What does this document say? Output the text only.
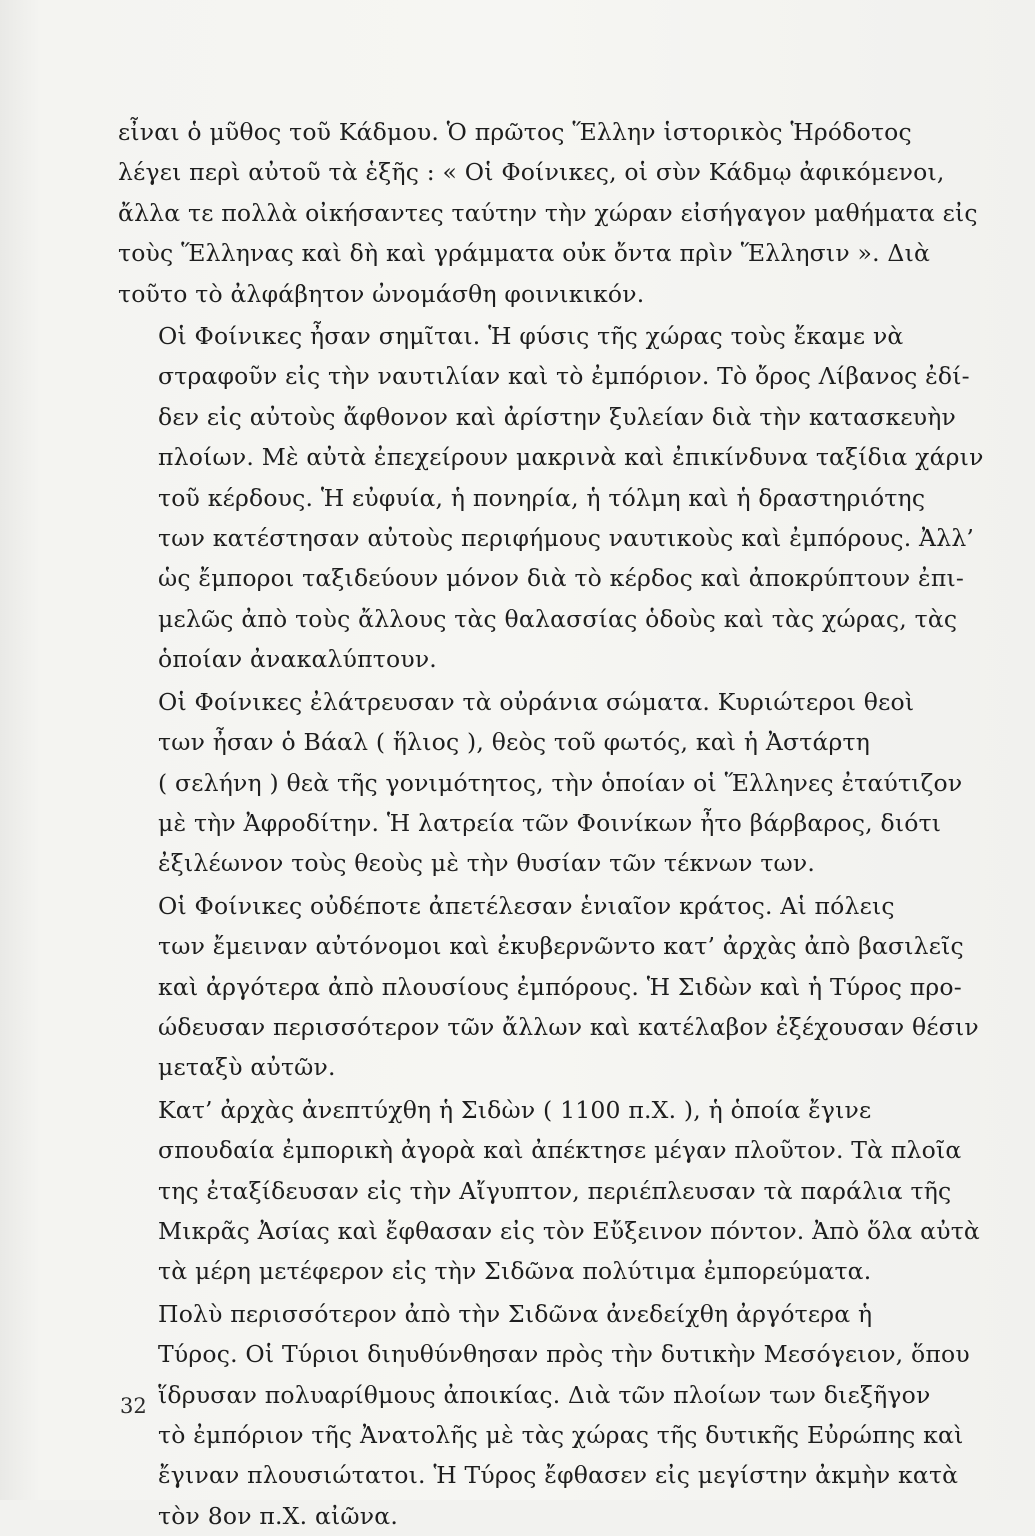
εἶναι ὁ μῦθος τοῦ Κάδμου. Ὁ πρῶτος Ἕλλην ἱστορικὸς Ἡρόδοτος
λέγει περὶ αὐτοῦ τὰ ἑξῆς : « Οἱ Φοίνικες, οἱ σὺν Κάδμῳ ἀφικόμενοι,
ἄλλα τε πολλὰ οἰκήσαντες ταύτην τὴν χώραν εἰσήγαγον μαθήματα εἰς
τοὺς Ἕλληνας καὶ δὴ καὶ γράμματα οὐκ ὄντα πρὶν Ἕλλησιν ». Διὰ
τοῦτο τὸ ἀλφάβητον ὠνομάσθη φοινικικόν.

Οἱ Φοίνικες ἦσαν σημῖται. Ἡ φύσις τῆς χώρας τοὺς ἔκαμε νὰ
στραφοῦν εἰς τὴν ναυτιλίαν καὶ τὸ ἐμπόριον. Τὸ ὄρος Λίβανος ἐδί-
δεν εἰς αὐτοὺς ἄφθονον καὶ ἀρίστην ξυλείαν διὰ τὴν κατασκευὴν
πλοίων. Μὲ αὐτὰ ἐπεχείρουν μακρινὰ καὶ ἐπικίνδυνα ταξίδια χάριν
τοῦ κέρδους. Ἡ εὐφυία, ἡ πονηρία, ἡ τόλμη καὶ ἡ δραστηριότης
των κατέστησαν αὐτοὺς περιφήμους ναυτικοὺς καὶ ἐμπόρους. Ἀλλ’
ὡς ἔμποροι ταξιδεύουν μόνον διὰ τὸ κέρδος καὶ ἀποκρύπτουν ἐπι-
μελῶς ἀπὸ τοὺς ἄλλους τὰς θαλασσίας ὁδοὺς καὶ τὰς χώρας, τὰς
ὁποίαν ἀνακαλύπτουν.

Οἱ Φοίνικες ἐλάτρευσαν τὰ οὐράνια σώματα. Κυριώτεροι θεοὶ
των ἦσαν ὁ Βάαλ ( ἥλιος ), θεὸς τοῦ φωτός, καὶ ἡ Ἀστάρτη
( σελήνη ) θεὰ τῆς γονιμότητος, τὴν ὁποίαν οἱ Ἕλληνες ἐταύτιζον
μὲ τὴν Ἀφροδίτην. Ἡ λατρεία τῶν Φοινίκων ἦτο βάρβαρος, διότι
ἐξιλέωνον τοὺς θεοὺς μὲ τὴν θυσίαν τῶν τέκνων των.

Οἱ Φοίνικες οὐδέποτε ἀπετέλεσαν ἑνιαῖον κράτος. Αἱ πόλεις
των ἔμειναν αὐτόνομοι καὶ ἐκυβερνῶντο κατ’ ἀρχὰς ἀπὸ βασιλεῖς
καὶ ἀργότερα ἀπὸ πλουσίους ἐμπόρους. Ἡ Σιδὼν καὶ ἡ Τύρος προ-
ώδευσαν περισσότερον τῶν ἄλλων καὶ κατέλαβον ἐξέχουσαν θέσιν
μεταξὺ αὐτῶν.

Κατ’ ἀρχὰς ἀνεπτύχθη ἡ Σιδὼν ( 1100 π.Χ. ), ἡ ὁποία ἔγινε
σπουδαία ἐμπορικὴ ἀγορὰ καὶ ἀπέκτησε μέγαν πλοῦτον. Τὰ πλοῖα
της ἐταξίδευσαν εἰς τὴν Αἴγυπτον, περιέπλευσαν τὰ παράλια τῆς
Μικρᾶς Ἀσίας καὶ ἔφθασαν εἰς τὸν Εὔξεινον πόντον. Ἀπὸ ὅλα αὐτὰ
τὰ μέρη μετέφερον εἰς τὴν Σιδῶνα πολύτιμα ἐμπορεύματα.

Πολὺ περισσότερον ἀπὸ τὴν Σιδῶνα ἀνεδείχθη ἀργότερα ἡ
Τύρος. Οἱ Τύριοι διηυθύνθησαν πρὸς τὴν δυτικὴν Μεσόγειον, ὅπου
ἵδρυσαν πολυαρίθμους ἀποικίας. Διὰ τῶν πλοίων των διεξῆγον
τὸ ἐμπόριον τῆς Ἀνατολῆς μὲ τὰς χώρας τῆς δυτικῆς Εὐρώπης καὶ
ἔγιναν πλουσιώτατοι. Ἡ Τύρος ἔφθασεν εἰς μεγίστην ἀκμὴν κατὰ
τὸν 8ον π.Χ. αἰῶνα.

32
